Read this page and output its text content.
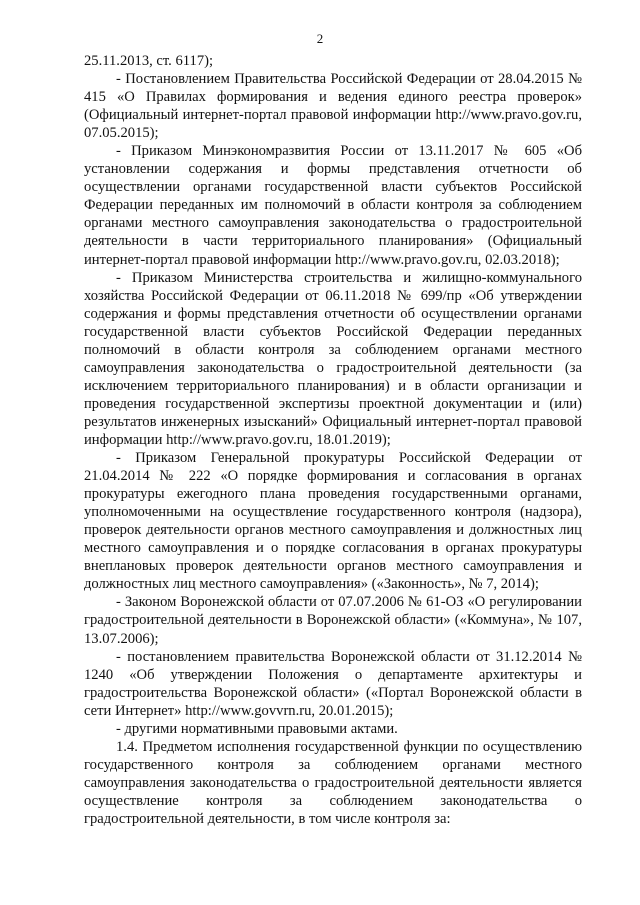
2

25.11.2013, ст. 6117);

- Постановлением Правительства Российской Федерации от 28.04.2015 № 415 «О Правилах формирования и ведения единого реестра проверок» (Официальный интернет-портал правовой информации http://www.pravo.gov.ru, 07.05.2015);

- Приказом Минэкономразвития России от 13.11.2017 № 605 «Об установлении содержания и формы представления отчетности об осуществлении органами государственной власти субъектов Российской Федерации переданных им полномочий в области контроля за соблюдением органами местного самоуправления законодательства о градостроительной деятельности в части территориального планирования» (Официальный интернет-портал правовой информации http://www.pravo.gov.ru, 02.03.2018);

- Приказом Министерства строительства и жилищно-коммунального хозяйства Российской Федерации от 06.11.2018 № 699/пр «Об утверждении содержания и формы представления отчетности об осуществлении органами государственной власти субъектов Российской Федерации переданных полномочий в области контроля за соблюдением органами местного самоуправления законодательства о градостроительной деятельности (за исключением территориального планирования) и в области организации и проведения государственной экспертизы проектной документации и (или) результатов инженерных изысканий» Официальный интернет-портал правовой информации http://www.pravo.gov.ru, 18.01.2019);

- Приказом Генеральной прокуратуры Российской Федерации от 21.04.2014 № 222 «О порядке формирования и согласования в органах прокуратуры ежегодного плана проведения государственными органами, уполномоченными на осуществление государственного контроля (надзора), проверок деятельности органов местного самоуправления и должностных лиц местного самоуправления и о порядке согласования в органах прокуратуры внеплановых проверок деятельности органов местного самоуправления и должностных лиц местного самоуправления» («Законность», № 7, 2014);

- Законом Воронежской области от 07.07.2006 № 61-ОЗ «О регулировании градостроительной деятельности в Воронежской области» («Коммуна», № 107, 13.07.2006);

- постановлением правительства Воронежской области от 31.12.2014 № 1240 «Об утверждении Положения о департаменте архитектуры и градостроительства Воронежской области» («Портал Воронежской области в сети Интернет» http://www.govvrn.ru, 20.01.2015);

- другими нормативными правовыми актами.

1.4. Предметом исполнения государственной функции по осуществлению государственного контроля за соблюдением органами местного самоуправления законодательства о градостроительной деятельности является осуществление контроля за соблюдением законодательства о градостроительной деятельности, в том числе контроля за:
